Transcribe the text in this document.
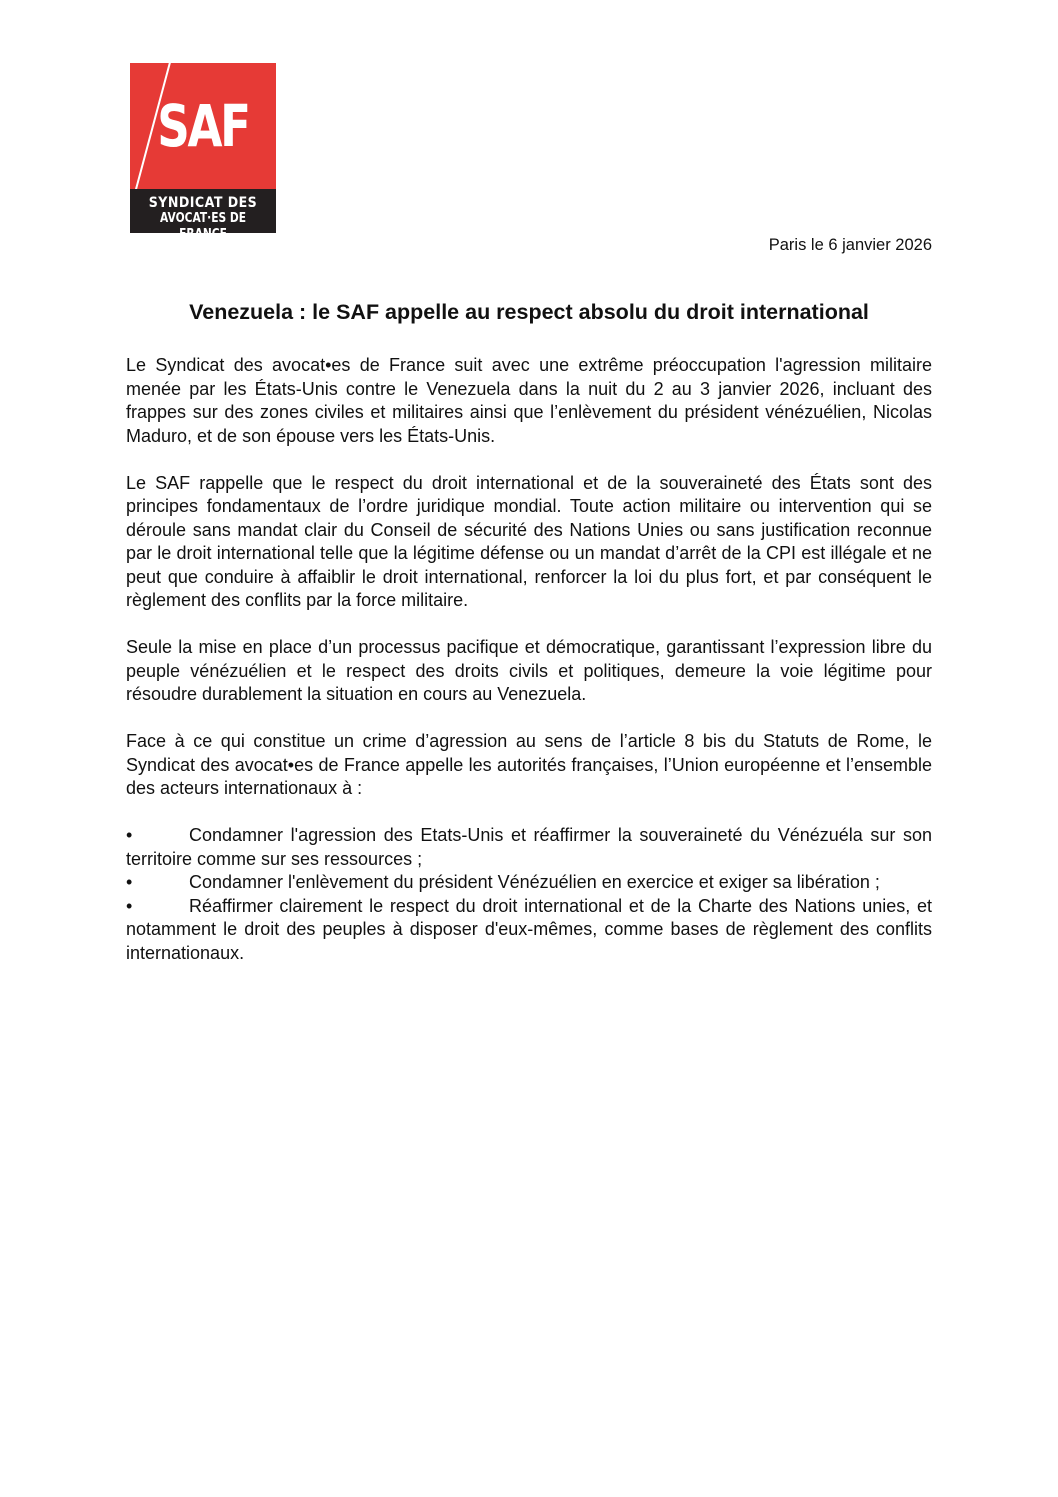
SAF
SYNDICAT DES
AVOCAT·ES DE FRANCE
Paris le 6 janvier 2026
Venezuela : le SAF appelle au respect absolu du droit international

Le Syndicat des avocat•es de France suit avec une extrême préoccupation l'agression militaire menée par les États-Unis contre le Venezuela dans la nuit du 2 au 3 janvier 2026, incluant des frappes sur des zones civiles et militaires ainsi que l’enlèvement du président vénézuélien, Nicolas Maduro, et de son épouse vers les États-Unis.

Le SAF rappelle que le respect du droit international et de la souveraineté des États sont des principes fondamentaux de l’ordre juridique mondial. Toute action militaire ou intervention qui se déroule sans mandat clair du Conseil de sécurité des Nations Unies ou sans justification reconnue par le droit international telle que la légitime défense ou un mandat d’arrêt de la CPI est illégale et ne peut que conduire à affaiblir le droit international, renforcer la loi du plus fort, et par conséquent le règlement des conflits par la force militaire.

Seule la mise en place d’un processus pacifique et démocratique, garantissant l’expression libre du peuple vénézuélien et le respect des droits civils et politiques, demeure la voie légitime pour résoudre durablement la situation en cours au Venezuela.

Face à ce qui constitue un crime d’agression au sens de l’article 8 bis du Statuts de Rome, le Syndicat des avocat•es de France appelle les autorités françaises, l’Union européenne et l’ensemble des acteurs internationaux à :

•	Condamner l'agression des Etats-Unis et réaffirmer la souveraineté du Vénézuéla sur son territoire comme sur ses ressources ;
•	Condamner l'enlèvement du président Vénézuélien en exercice et exiger sa libération ;
•	Réaffirmer clairement le respect du droit international et de la Charte des Nations unies, et notamment le droit des peuples à disposer d'eux-mêmes, comme bases de règlement des conflits internationaux.
